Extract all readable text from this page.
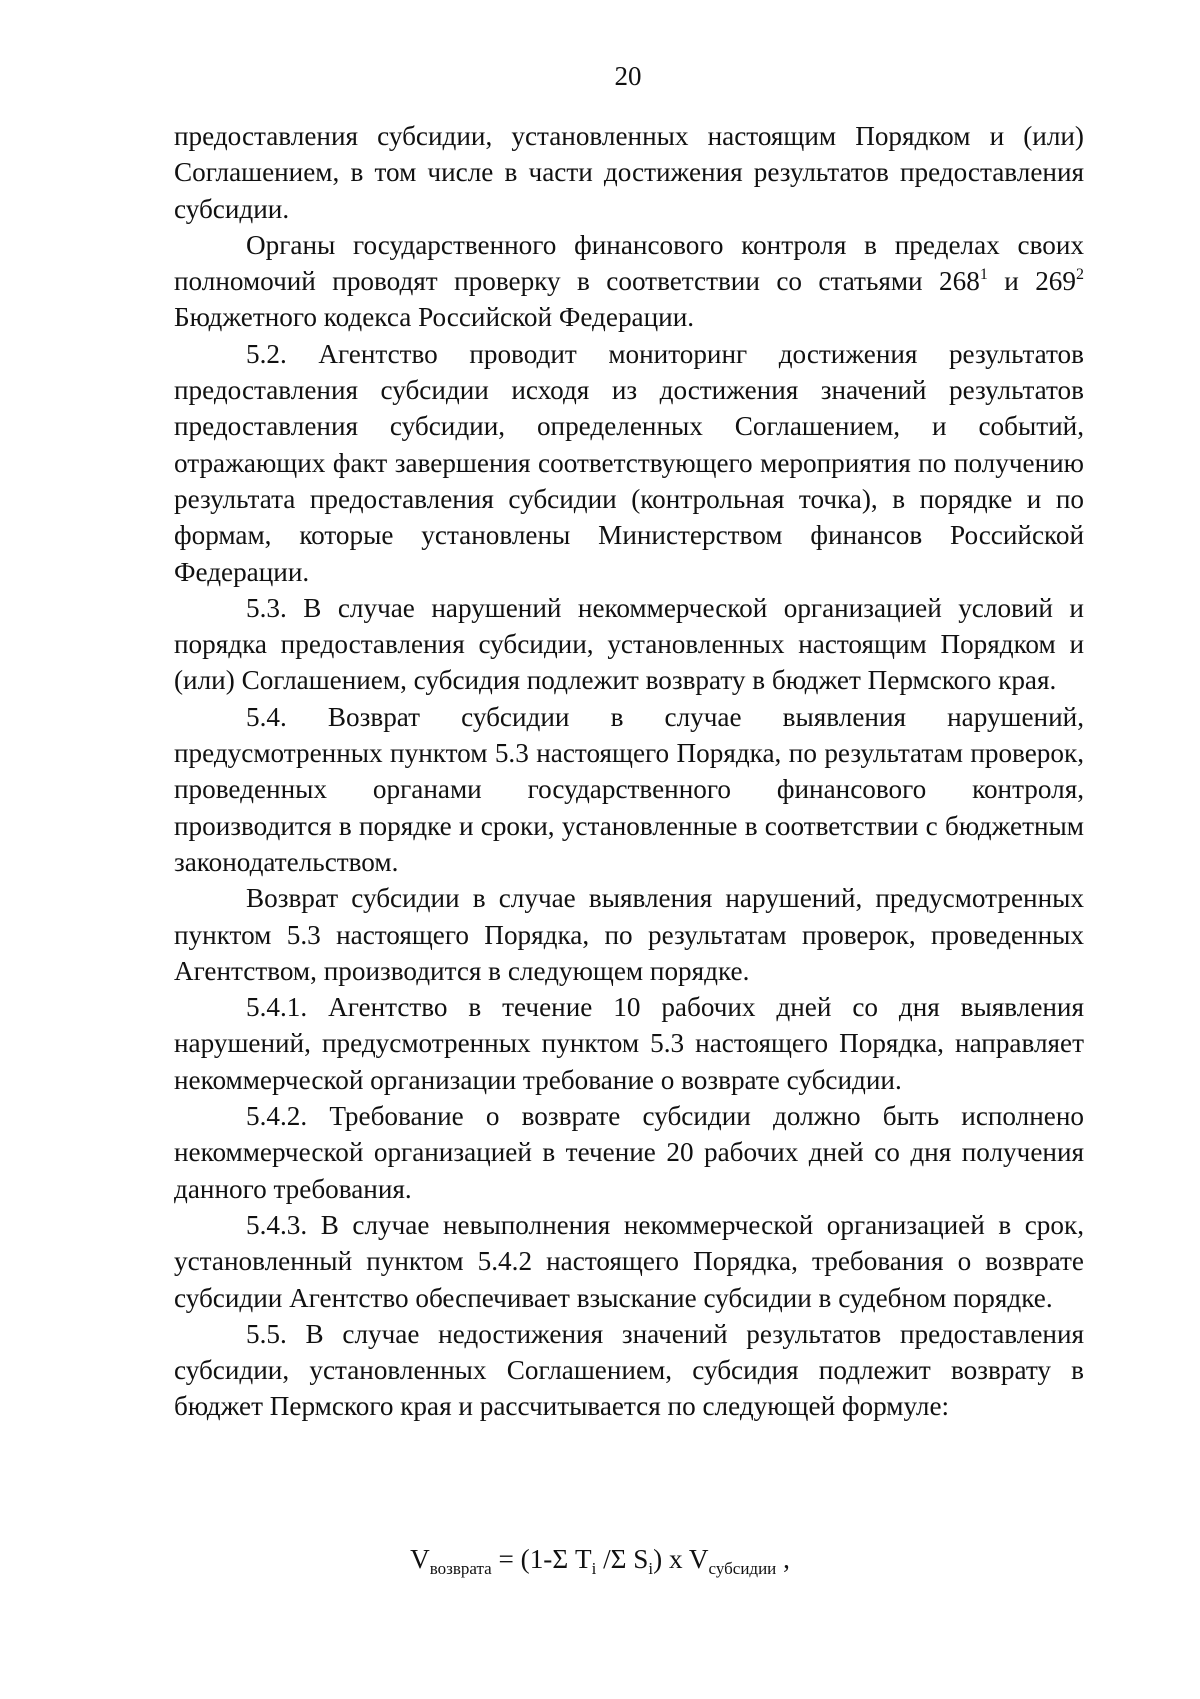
20

предоставления субсидии, установленных настоящим Порядком и (или) Соглашением, в том числе в части достижения результатов предоставления субсидии.

Органы государственного финансового контроля в пределах своих полномочий проводят проверку в соответствии со статьями $268^1$ и $269^2$ Бюджетного кодекса Российской Федерации.

5.2. Агентство проводит мониторинг достижения результатов предоставления субсидии исходя из достижения значений результатов предоставления субсидии, определенных Соглашением, и событий, отражающих факт завершения соответствующего мероприятия по получению результата предоставления субсидии (контрольная точка), в порядке и по формам, которые установлены Министерством финансов Российской Федерации.

5.3. В случае нарушений некоммерческой организацией условий и порядка предоставления субсидии, установленных настоящим Порядком и (или) Соглашением, субсидия подлежит возврату в бюджет Пермского края.

5.4. Возврат субсидии в случае выявления нарушений, предусмотренных пунктом 5.3 настоящего Порядка, по результатам проверок, проведенных органами государственного финансового контроля, производится в порядке и сроки, установленные в соответствии с бюджетным законодательством.

Возврат субсидии в случае выявления нарушений, предусмотренных пунктом 5.3 настоящего Порядка, по результатам проверок, проведенных Агентством, производится в следующем порядке.

5.4.1. Агентство в течение 10 рабочих дней со дня выявления нарушений, предусмотренных пунктом 5.3 настоящего Порядка, направляет некоммерческой организации требование о возврате субсидии.

5.4.2. Требование о возврате субсидии должно быть исполнено некоммерческой организацией в течение 20 рабочих дней со дня получения данного требования.

5.4.3. В случае невыполнения некоммерческой организацией в срок, установленный пунктом 5.4.2 настоящего Порядка, требования о возврате субсидии Агентство обеспечивает взыскание субсидии в судебном порядке.

5.5. В случае недостижения значений результатов предоставления субсидии, установленных Соглашением, субсидия подлежит возврату в бюджет Пермского края и рассчитывается по следующей формуле:

$V_{возврата} = (1-\Sigma$ $T_i$ /Σ $S_i$) x $V_{субсидии}$ ,
